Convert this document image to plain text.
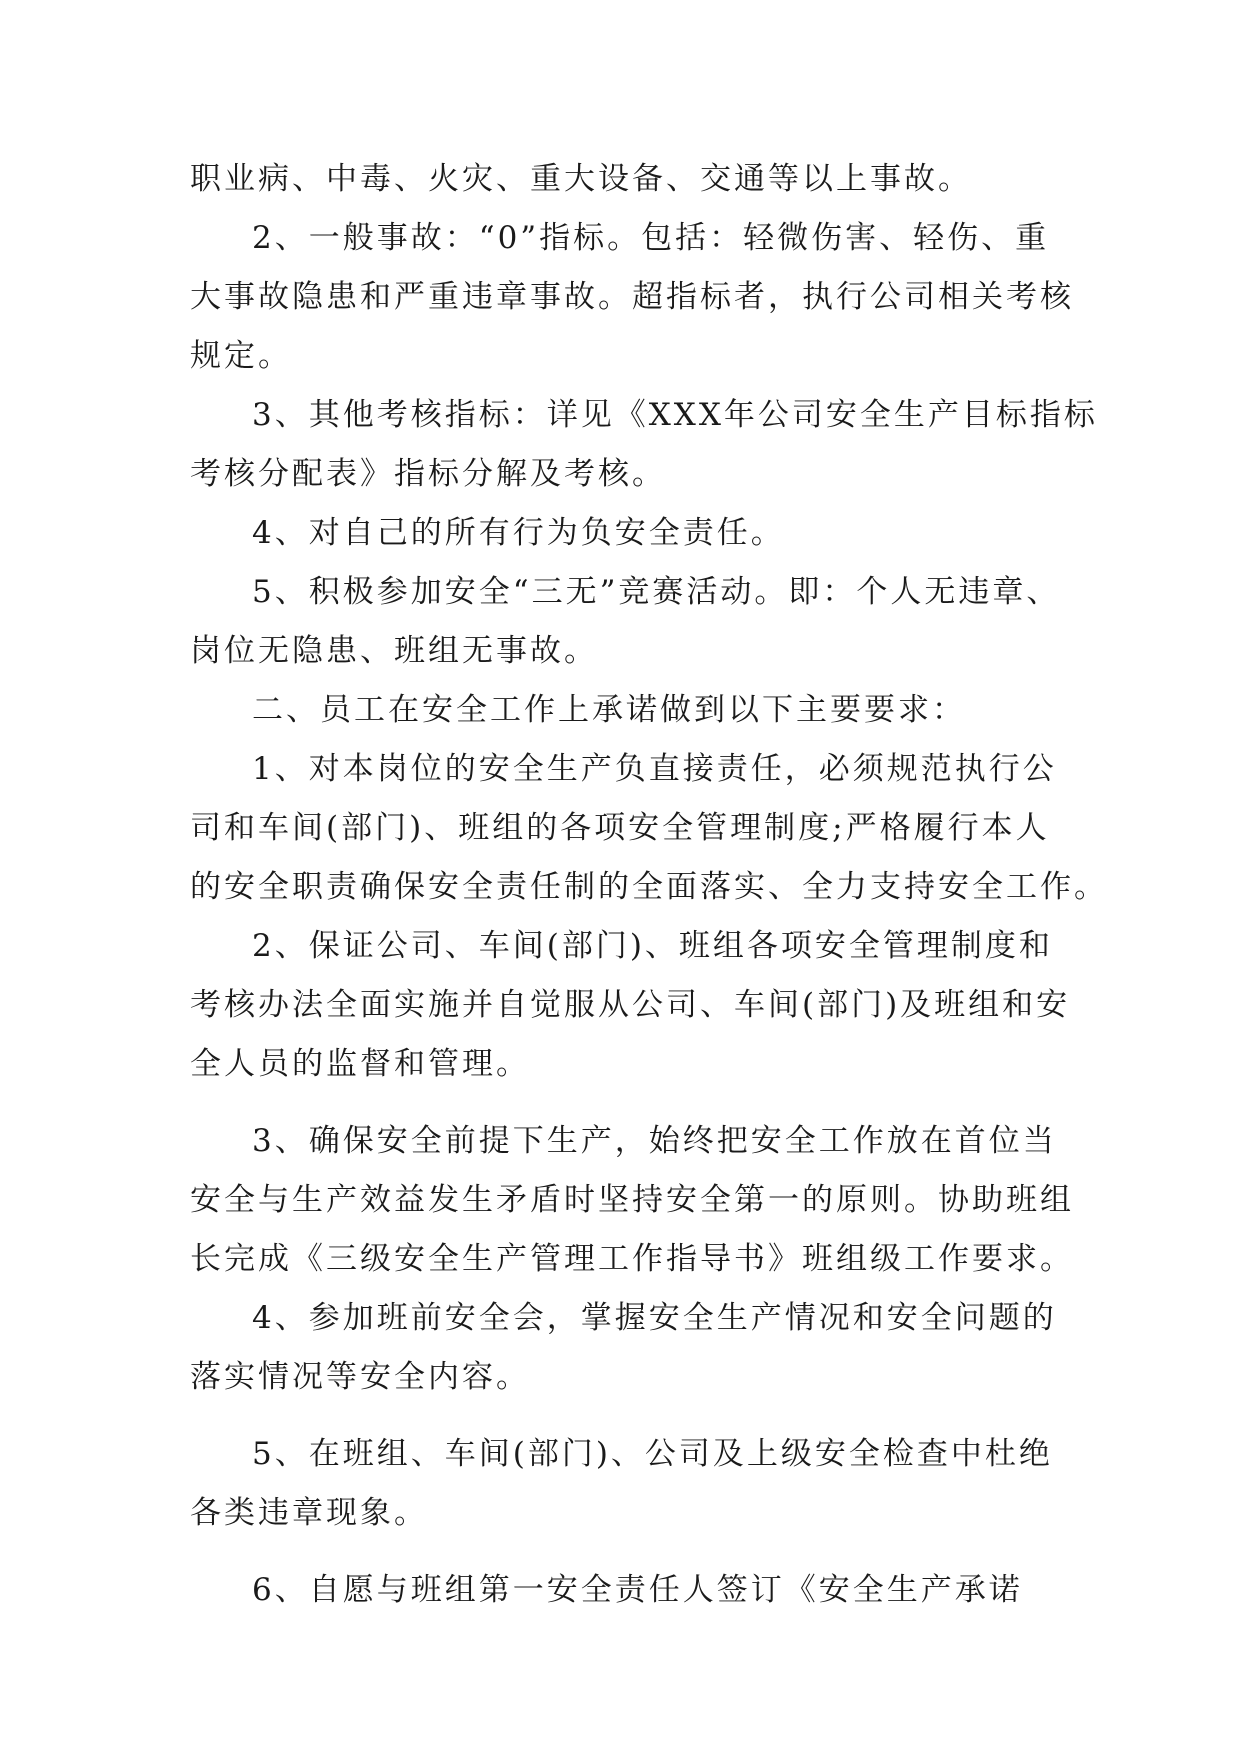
职业病、中毒、火灾、重大设备、交通等以上事故。
2、一般事故：“0”指标。包括：轻微伤害、轻伤、重
大事故隐患和严重违章事故。超指标者，执行公司相关考核
规定。
3、其他考核指标：详见《XXX年公司安全生产目标指标
考核分配表》指标分解及考核。
4、对自己的所有行为负安全责任。
5、积极参加安全“三无”竞赛活动。即：个人无违章、
岗位无隐患、班组无事故。
二、员工在安全工作上承诺做到以下主要要求：
1、对本岗位的安全生产负直接责任，必须规范执行公
司和车间(部门)、班组的各项安全管理制度;严格履行本人
的安全职责确保安全责任制的全面落实、全力支持安全工作。
2、保证公司、车间(部门)、班组各项安全管理制度和
考核办法全面实施并自觉服从公司、车间(部门)及班组和安
全人员的监督和管理。
3、确保安全前提下生产，始终把安全工作放在首位当
安全与生产效益发生矛盾时坚持安全第一的原则。协助班组
长完成《三级安全生产管理工作指导书》班组级工作要求。
4、参加班前安全会，掌握安全生产情况和安全问题的
落实情况等安全内容。
5、在班组、车间(部门)、公司及上级安全检查中杜绝
各类违章现象。
6、自愿与班组第一安全责任人签订《安全生产承诺
